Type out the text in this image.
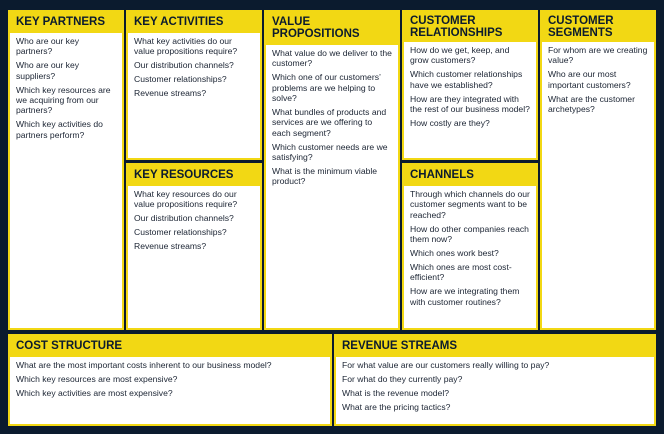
KEY PARTNERS
Who are our key partners?
Who are our key suppliers?
Which key resources are we acquiring from our partners?
Which key activities do partners perform?
KEY ACTIVITIES
What key activities do our value propositions require?
Our distribution channels?
Customer relationships?
Revenue streams?
KEY RESOURCES
What key resources do our value propositions require?
Our distribution channels?
Customer relationships?
Revenue streams?
VALUE PROPOSITIONS
What value do we deliver to the customer?
Which one of our customers’ problems are we helping to solve?
What bundles of products and services are we offering to each segment?
Which customer needs are we satisfying?
What is the minimum viable product?
CUSTOMER RELATIONSHIPS
How do we get, keep, and grow customers?
Which customer relationships have we established?
How are they integrated with the rest of our business model?
How costly are they?
CHANNELS
Through which channels do our customer segments want to be reached?
How do other companies reach them now?
Which ones work best?
Which ones are most cost-efficient?
How are we integrating them with customer routines?
CUSTOMER SEGMENTS
For whom are we creating value?
Who are our most important customers?
What are the customer archetypes?
COST STRUCTURE
What are the most important costs inherent to our business model?
Which key resources are most expensive?
Which key activities are most expensive?
REVENUE STREAMS
For what value are our customers really willing to pay?
For what do they currently pay?
What is the revenue model?
What are the pricing tactics?
